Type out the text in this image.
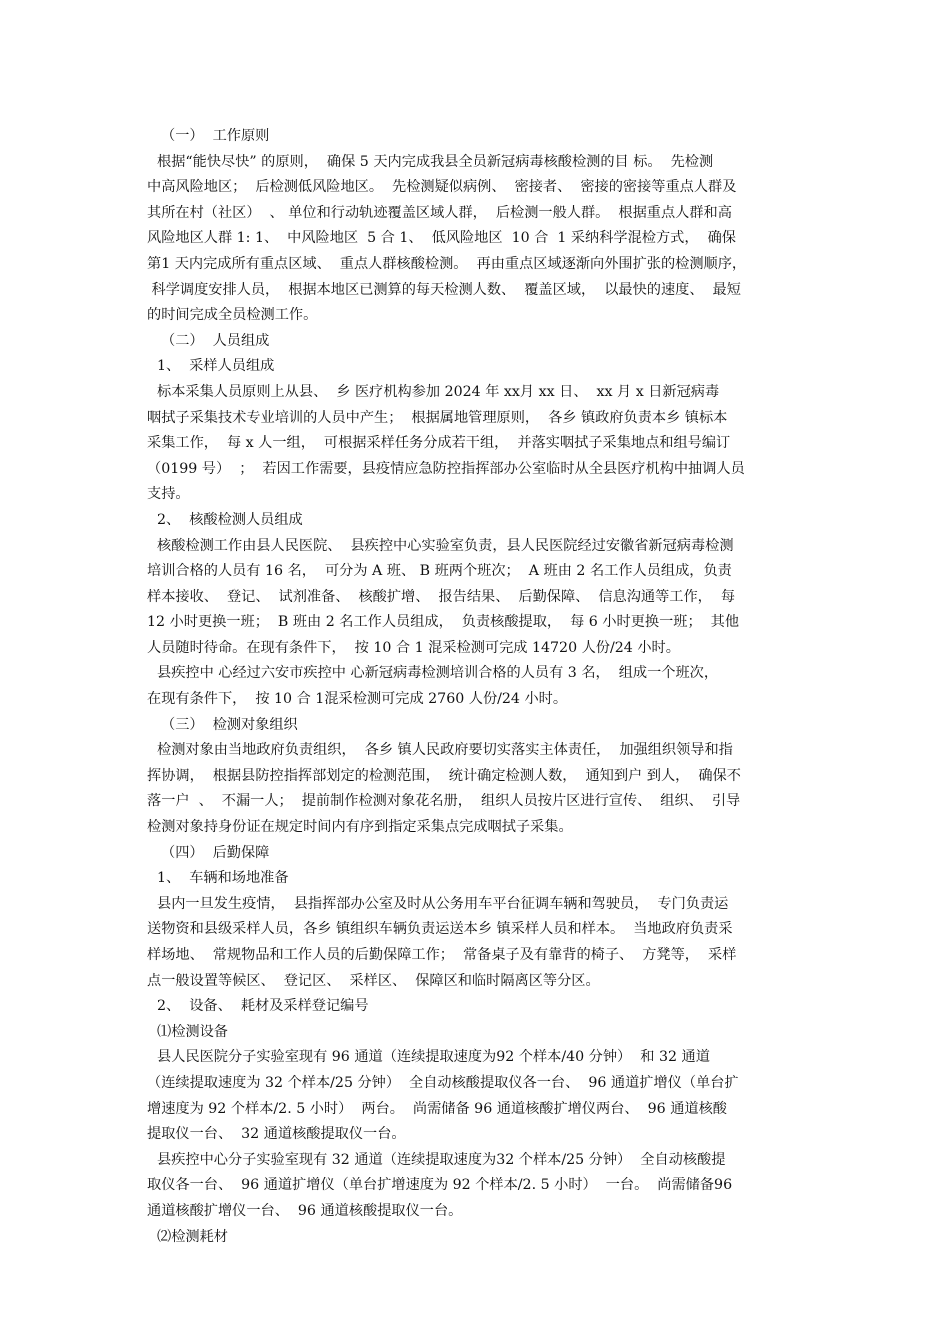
（一）  工作原则
根据“能快尽快” 的原则，  确保 5 天内完成我县全员新冠病毒核酸检测的目 标。  先检测
中高风险地区；  后检测低风险地区。  先检测疑似病例、  密接者、  密接的密接等重点人群及
其所在村（社区）  、 单位和行动轨迹覆盖区域人群，  后检测一般人群。  根据重点人群和高
风险地区人群 1: 1、  中风险地区  5 合 1、  低风险地区  10 合  1 采纳科学混检方式，  确保
第1 天内完成所有重点区域、  重点人群核酸检测。  再由重点区域逐渐向外围扩张的检测顺序，
科学调度安排人员，  根据本地区已测算的每天检测人数、  覆盖区域，  以最快的速度、  最短
的时间完成全员检测工作。
（二）  人员组成
1、  采样人员组成
标本采集人员原则上从县、  乡 医疗机构参加 2024 年 xx月 xx 日、  xx 月 x 日新冠病毒
咽拭子采集技术专业培训的人员中产生；  根据属地管理原则，  各乡 镇政府负责本乡 镇标本
采集工作，  每 x 人一组，  可根据采样任务分成若干组，  并落实咽拭子采集地点和组号编订
（0199 号）  ；  若因工作需要，县疫情应急防控指挥部办公室临时从全县医疗机构中抽调人员
支持。
2、  核酸检测人员组成
核酸检测工作由县人民医院、  县疾控中心实验室负责，县人民医院经过安徽省新冠病毒检测
培训合格的人员有 16 名，  可分为 A 班、 B 班两个班次；  A 班由 2 名工作人员组成，负责
样本接收、  登记、  试剂准备、  核酸扩增、  报告结果、  后勤保障、  信息沟通等工作，  每
12 小时更换一班；  B 班由 2 名工作人员组成，  负责核酸提取，  每 6 小时更换一班；  其他
人员随时待命。在现有条件下，  按 10 合 1 混采检测可完成 14720 人份/24 小时。
县疾控中 心经过六安市疾控中 心新冠病毒检测培训合格的人员有 3 名，  组成一个班次，
在现有条件下，  按 10 合 1混采检测可完成 2760 人份/24 小时。
（三）  检测对象组织
检测对象由当地政府负责组织，  各乡 镇人民政府要切实落实主体责任，  加强组织领导和指
挥协调，  根据县防控指挥部划定的检测范围，  统计确定检测人数，  通知到户 到人，  确保不
落一户  、  不漏一人；  提前制作检测对象花名册，  组织人员按片区进行宣传、  组织、  引导
检测对象持身份证在规定时间内有序到指定采集点完成咽拭子采集。
（四）  后勤保障
1、  车辆和场地准备
县内一旦发生疫情，  县指挥部办公室及时从公务用车平台征调车辆和驾驶员，  专门负责运
送物资和县级采样人员，各乡 镇组织车辆负责运送本乡 镇采样人员和样本。  当地政府负责采
样场地、  常规物品和工作人员的后勤保障工作；  常备桌子及有靠背的椅子、  方凳等，  采样
点一般设置等候区、  登记区、  采样区、  保障区和临时隔离区等分区。
2、  设备、  耗材及采样登记编号
⑴检测设备
县人民医院分子实验室现有 96 通道（连续提取速度为92 个样本/40 分钟）  和 32 通道
（连续提取速度为 32 个样本/25 分钟）  全自动核酸提取仪各一台、  96 通道扩增仪（单台扩
增速度为 92 个样本/2. 5 小时）  两台。  尚需储备 96 通道核酸扩增仪两台、  96 通道核酸
提取仪一台、  32 通道核酸提取仪一台。
县疾控中心分子实验室现有 32 通道（连续提取速度为32 个样本/25 分钟）  全自动核酸提
取仪各一台、  96 通道扩增仪（单台扩增速度为 92 个样本/2. 5 小时）  一台。  尚需储备96
通道核酸扩增仪一台、  96 通道核酸提取仪一台。
⑵检测耗材
